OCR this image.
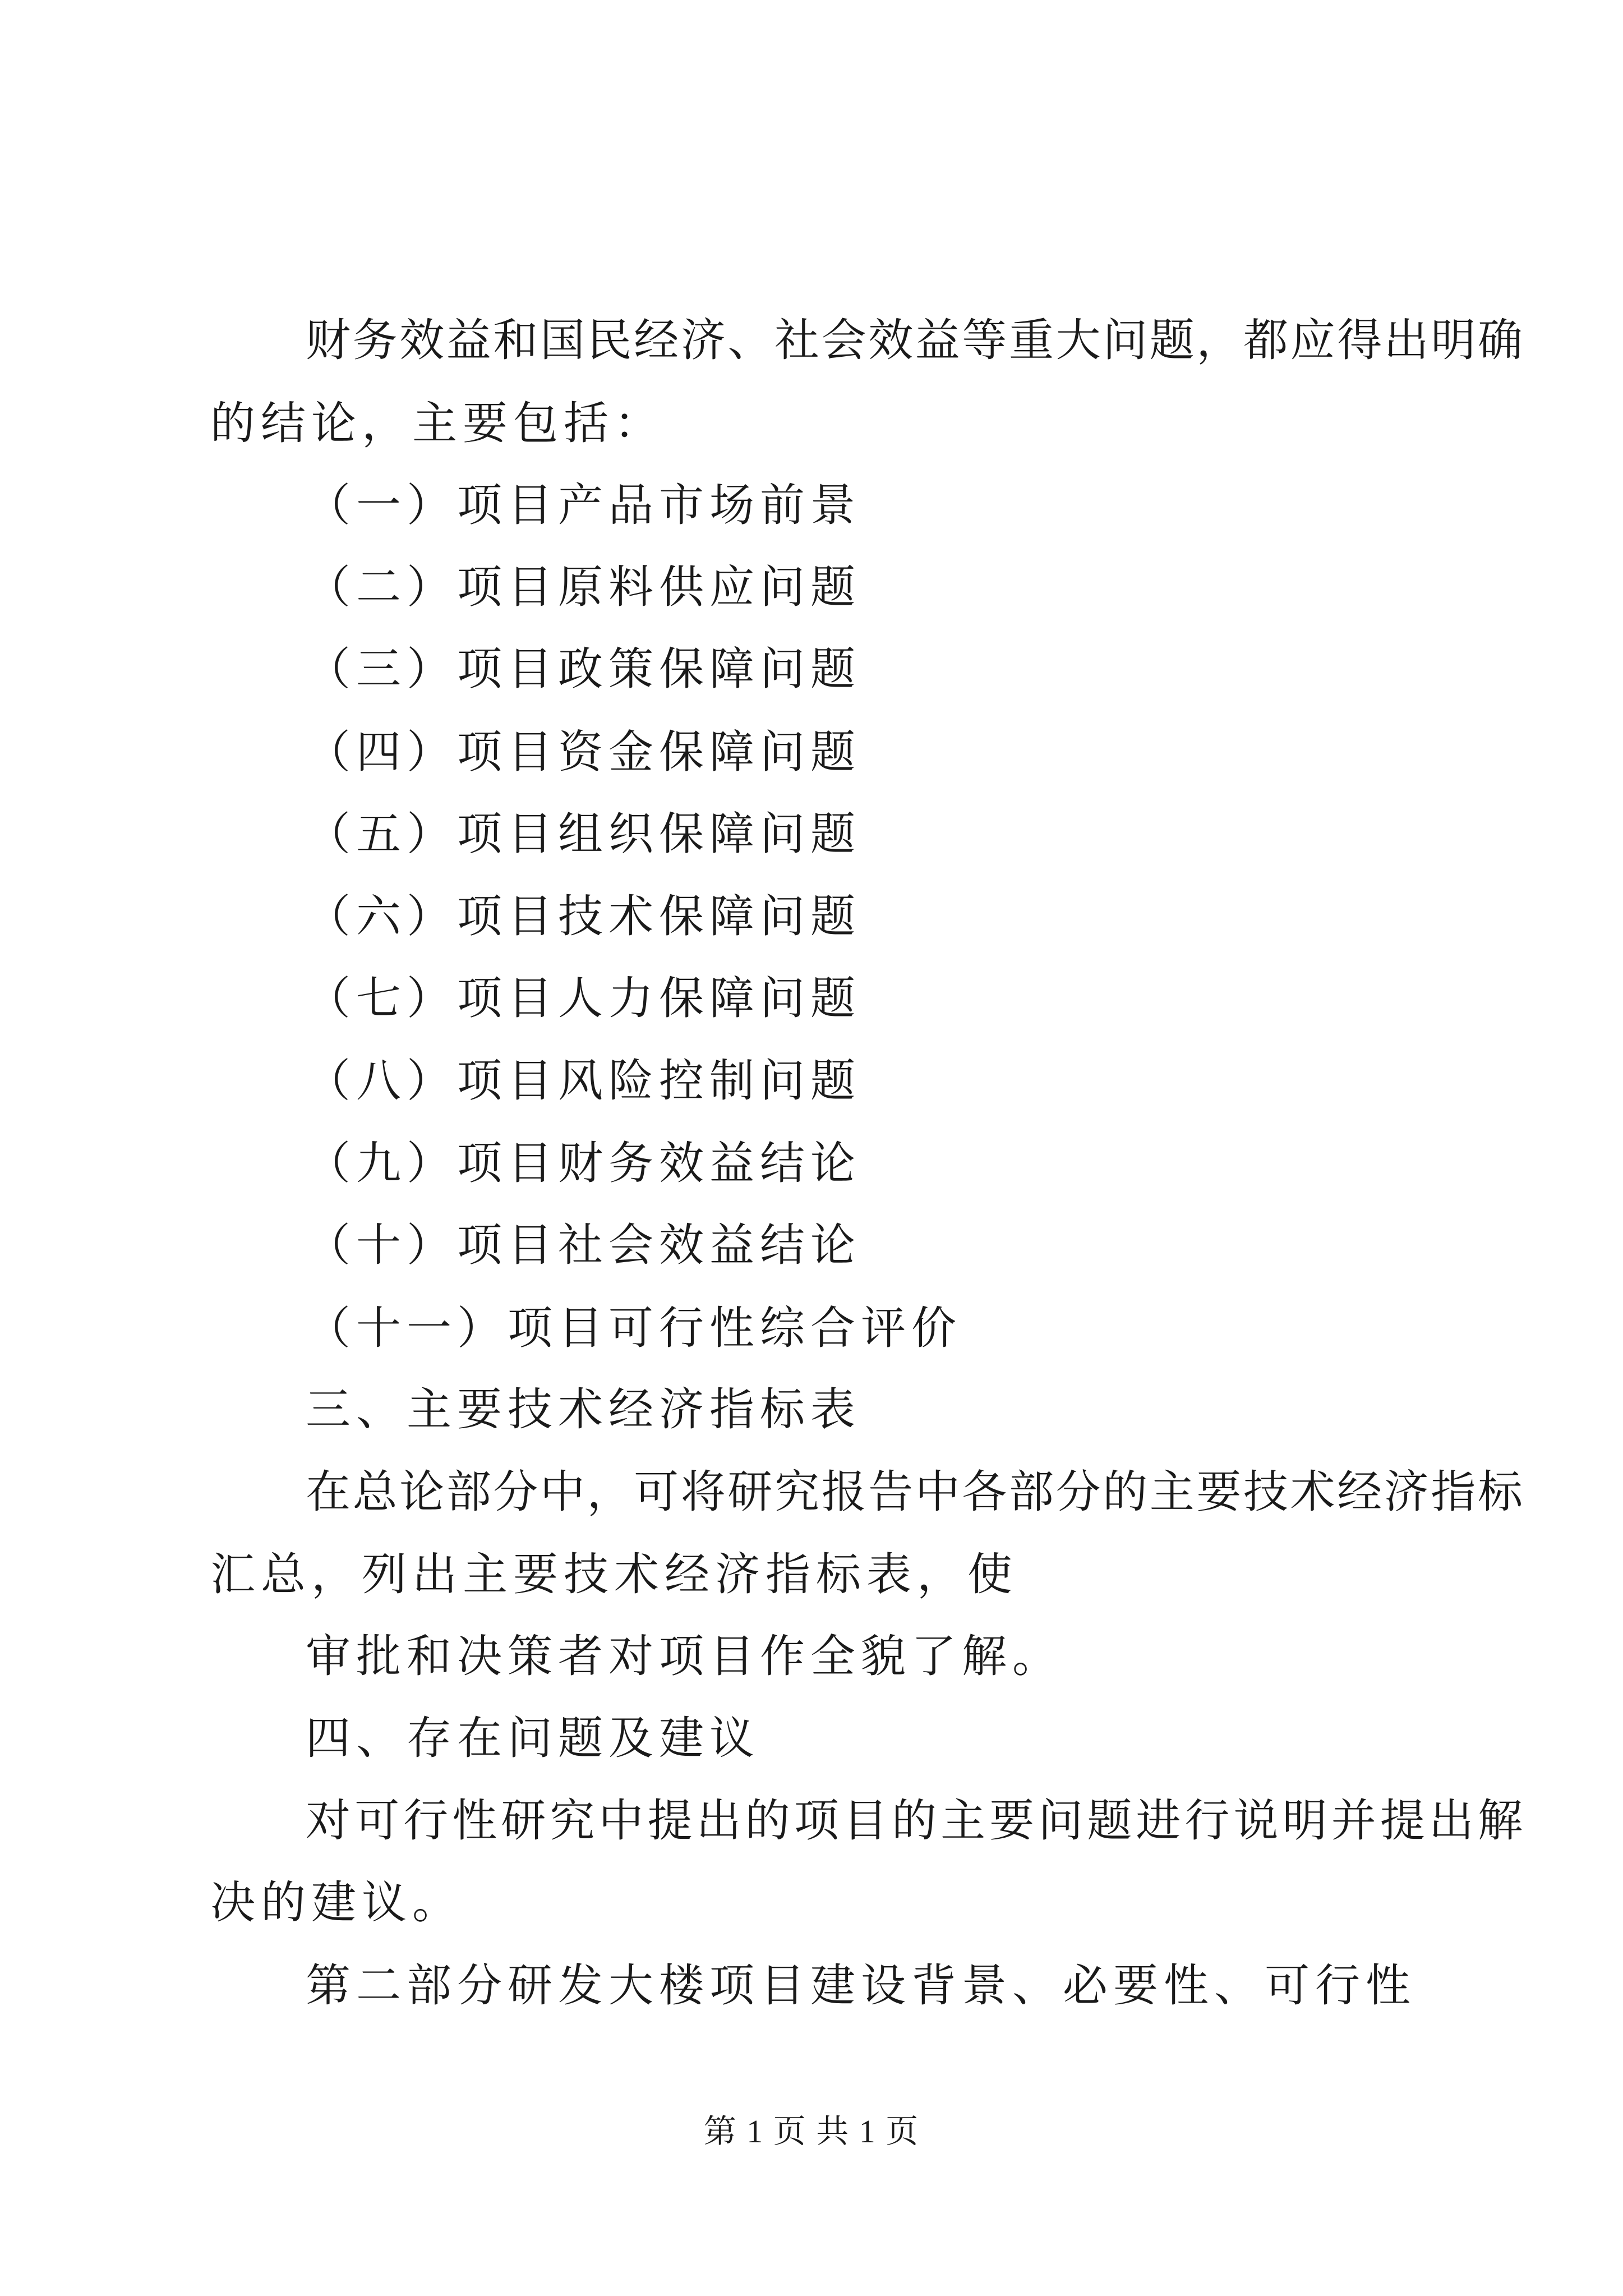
财务效益和国民经济、社会效益等重大问题，都应得出明确
的结论，主要包括：
（一）项目产品市场前景
（二）项目原料供应问题
（三）项目政策保障问题
（四）项目资金保障问题
（五）项目组织保障问题
（六）项目技术保障问题
（七）项目人力保障问题
（八）项目风险控制问题
（九）项目财务效益结论
（十）项目社会效益结论
（十一）项目可行性综合评价
三、主要技术经济指标表
在总论部分中，可将研究报告中各部分的主要技术经济指标
汇总，列出主要技术经济指标表，使
审批和决策者对项目作全貌了解。
四、存在问题及建议
对可行性研究中提出的项目的主要问题进行说明并提出解
决的建议。
第二部分研发大楼项目建设背景、必要性、可行性
第 1 页 共 1 页
